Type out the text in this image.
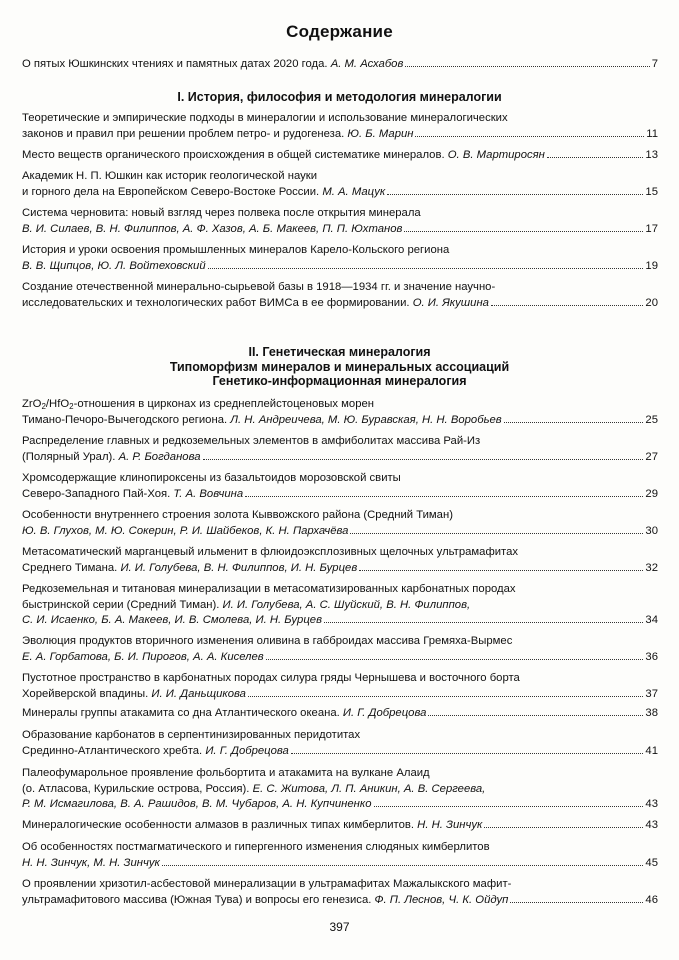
Содержание
О пятых Юшкинских чтениях и памятных датах 2020 года. А. М. Асхабов	7
I. История, философия и методология минералогии
Теоретические и эмпирические подходы в минералогии и использование минералогических
законов и правил при решении проблем петро- и рудогенеза. Ю. Б. Марин	11
Место веществ органического происхождения в общей систематике минералов. О. В. Мартиросян	13
Академик Н. П. Юшкин как историк геологической науки
и горного дела на Европейском Северо-Востоке России. М. А. Мацук	15
Система черновита: новый взгляд через полвека после открытия минерала
В. И. Силаев, В. Н. Филиппов, А. Ф. Хазов, А. Б. Макеев, П. П. Юхтанов	17
История и уроки освоения промышленных минералов Карело-Кольского региона
В. В. Щипцов, Ю. Л. Войтеховский	19
Создание отечественной минерально-сырьевой базы в 1918—1934 гг. и значение научно-
исследовательских и технологических работ ВИМСа в ее формировании. О. И. Якушина	20
II. Генетическая минералогия
Типоморфизм минералов и минеральных ассоциаций
Генетико-информационная минералогия
ZrO$_2$/HfO$_2$-отношения в цирконах из среднеплейстоценовых морен
Тимано-Печоро-Вычегодского региона. Л. Н. Андреичева, М. Ю. Буравская, Н. Н. Воробьев	25
Распределение главных и редкоземельных элементов в амфиболитах массива Рай-Из
(Полярный Урал). А. Р. Богданова	27
Хромсодержащие клинопироксены из базальтоидов морозовской свиты
Северо-Западного Пай-Хоя. Т. А. Вовчина	29
Особенности внутреннего строения золота Кыввожского района (Средний Тиман)
Ю. В. Глухов, М. Ю. Сокерин, Р. И. Шайбеков, К. Н. Пархачёва	30
Метасоматический марганцевый ильменит в флюидоэксплозивных щелочных ультрамафитах
Среднего Тимана. И. И. Голубева, В. Н. Филиппов, И. Н. Бурцев	32
Редкоземельная и титановая минерализации в метасоматизированных карбонатных породах
быстринской серии (Средний Тиман). И. И. Голубева, А. С. Шуйский, В. Н. Филиппов,
С. И. Исаенко, Б. А. Макеев, И. В. Смолева, И. Н. Бурцев	34
Эволюция продуктов вторичного изменения оливина в габброидах массива Гремяха-Вырмес
Е. А. Горбатова, Б. И. Пирогов, А. А. Киселев	36
Пустотное пространство в карбонатных породах силура гряды Чернышева и восточного борта
Хорейверской впадины. И. И. Даньщикова	37
Минералы группы атакамита со дна Атлантического океана. И. Г. Добрецова	38
Образование карбонатов в серпентинизированных перидотитах
Срединно-Атлантического хребта. И. Г. Добрецова	41
Палеофумарольное проявление фольбортита и атакамита на вулкане Алаид
(о. Атласова, Курильские острова, Россия). Е. С. Житова, Л. П. Аникин, А. В. Сергеева,
Р. М. Исмагилова, В. А. Рашидов, В. М. Чубаров, А. Н. Купчиненко	43
Минералогические особенности алмазов в различных типах кимберлитов. Н. Н. Зинчук	43
Об особенностях постмагматического и гипергенного изменения слюдяных кимберлитов
Н. Н. Зинчук, М. Н. Зинчук	45
О проявлении хризотил-асбестовой минерализации в ультрамафитах Мажалыкского мафит-
ультрамафитового массива (Южная Тува) и вопросы его генезиса. Ф. П. Леснов, Ч. К. Ойдуп	46
397
